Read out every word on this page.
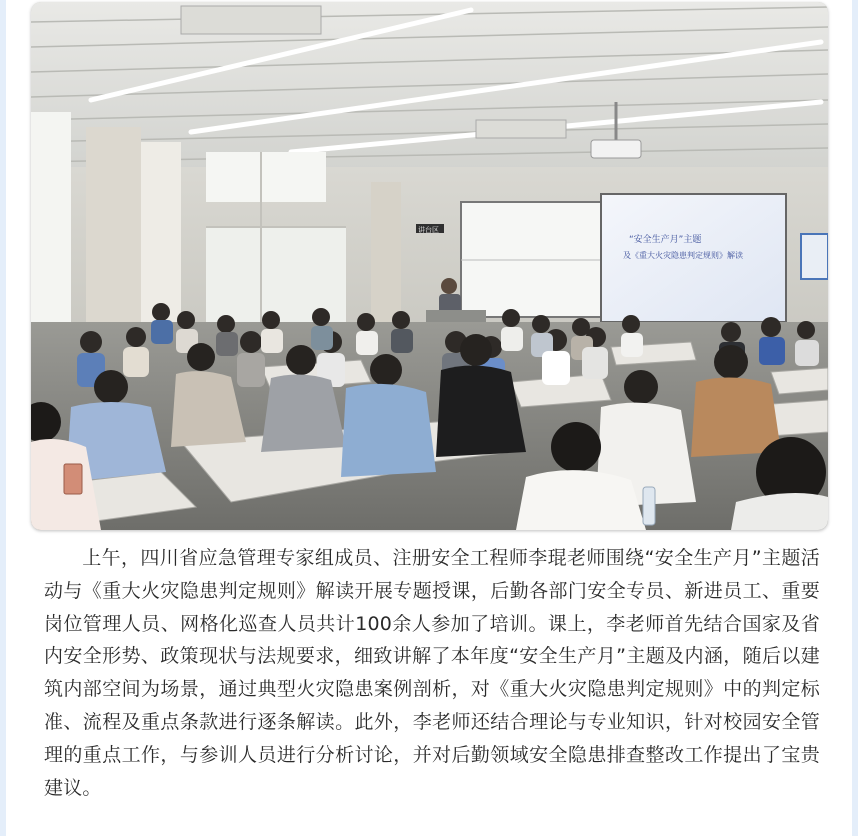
“安全生产月”主题
及《重大火灾隐患判定规则》解读
讲台区

上午，四川省应急管理专家组成员、注册安全工程师李琨老师围绕“安全生产月”主题活动与《重大火灾隐患判定规则》解读开展专题授课，后勤各部门安全专员、新进员工、重要岗位管理人员、网格化巡查人员共计100余人参加了培训。课上，李老师首先结合国家及省内安全形势、政策现状与法规要求，细致讲解了本年度“安全生产月”主题及内涵，随后以建筑内部空间为场景，通过典型火灾隐患案例剖析，对《重大火灾隐患判定规则》中的判定标准、流程及重点条款进行逐条解读。此外，李老师还结合理论与专业知识，针对校园安全管理的重点工作，与参训人员进行分析讨论，并对后勤领域安全隐患排查整改工作提出了宝贵建议。
